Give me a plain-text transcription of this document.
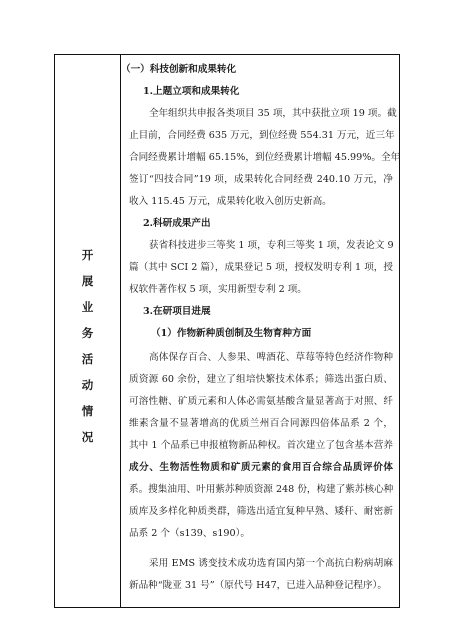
开
展
业
务
活
动
情
况
（一）科技创新和成果转化
1.上题立项和成果转化
全年组织共申报各类项目 35 项，其中获批立项 19 项。截
止目前，合同经费 635 万元，到位经费 554.31 万元，近三年
合同经费累计增幅 65.15%，到位经费累计增幅 45.99%。全年
签订“四技合同”19 项，成果转化合同经费 240.10 万元，净
收入 115.45 万元，成果转化收入创历史新高。
2.科研成果产出
获省科技进步三等奖 1 项，专利三等奖 1 项，发表论文 9
篇（其中 SCI 2 篇），成果登记 5 项，授权发明专利 1 项，授
权软件著作权 5 项，实用新型专利 2 项。
3.在研项目进展
（1）作物新种质创制及生物育种方面
高体保存百合、人参果、啤酒花、草莓等特色经济作物种
质资源 60 余份，建立了组培快繁技术体系；筛选出蛋白质、
可溶性糖、矿质元素和人体必需氨基酸含量显著高于对照、纤
维素含量不显著增高的优质兰州百合同源四倍体品系 2 个，
其中 1 个品系已申报植物新品种权。首次建立了包含基本营养
成分、生物活性物质和矿质元素的食用百合综合品质评价体
系。搜集油用、叶用紫苏种质资源 248 份，构建了紫苏核心种
质库及多样化种质类群，筛选出适宜复种早熟、矮秆、耐密新
品系 2 个（s139、s190）。
采用 EMS 诱变技术成功选育国内第一个高抗白粉病胡麻
新品种“陇亚 31 号”（原代号 H47，已进入品种登记程序）。
